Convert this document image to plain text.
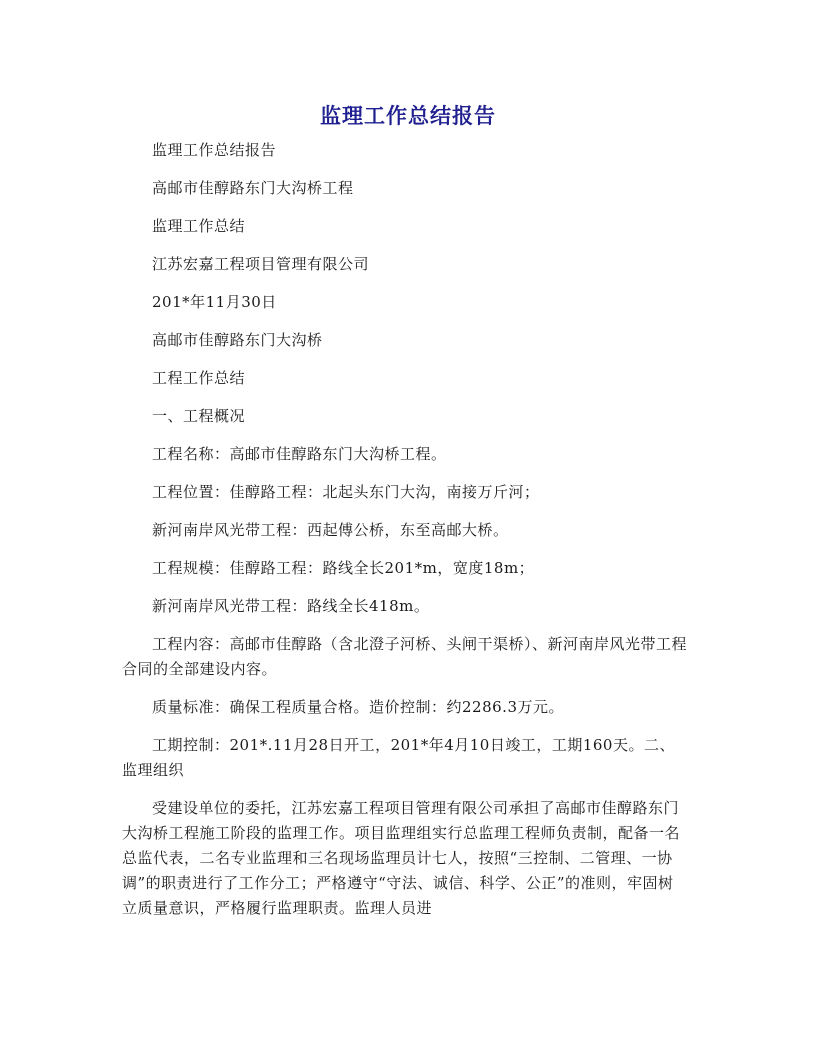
监理工作总结报告

监理工作总结报告

高邮市佳醇路东门大沟桥工程

监理工作总结

江苏宏嘉工程项目管理有限公司

201*年11月30日

高邮市佳醇路东门大沟桥

工程工作总结

一、工程概况

工程名称：高邮市佳醇路东门大沟桥工程。

工程位置：佳醇路工程：北起头东门大沟，南接万斤河；

新河南岸风光带工程：西起傅公桥，东至高邮大桥。

工程规模：佳醇路工程：路线全长201*m，宽度18m；

新河南岸风光带工程：路线全长418m。

工程内容：高邮市佳醇路（含北澄子河桥、头闸干渠桥）、新河南岸风光带工程合同的全部建设内容。

质量标准：确保工程质量合格。造价控制：约2286.3万元。

工期控制：201*.11月28日开工，201*年4月10日竣工，工期160天。二、监理组织

受建设单位的委托，江苏宏嘉工程项目管理有限公司承担了高邮市佳醇路东门大沟桥工程施工阶段的监理工作。项目监理组实行总监理工程师负责制，配备一名总监代表，二名专业监理和三名现场监理员计七人，按照“三控制、二管理、一协调”的职责进行了工作分工；严格遵守“守法、诚信、科学、公正”的准则，牢固树立质量意识，严格履行监理职责。监理人员进
